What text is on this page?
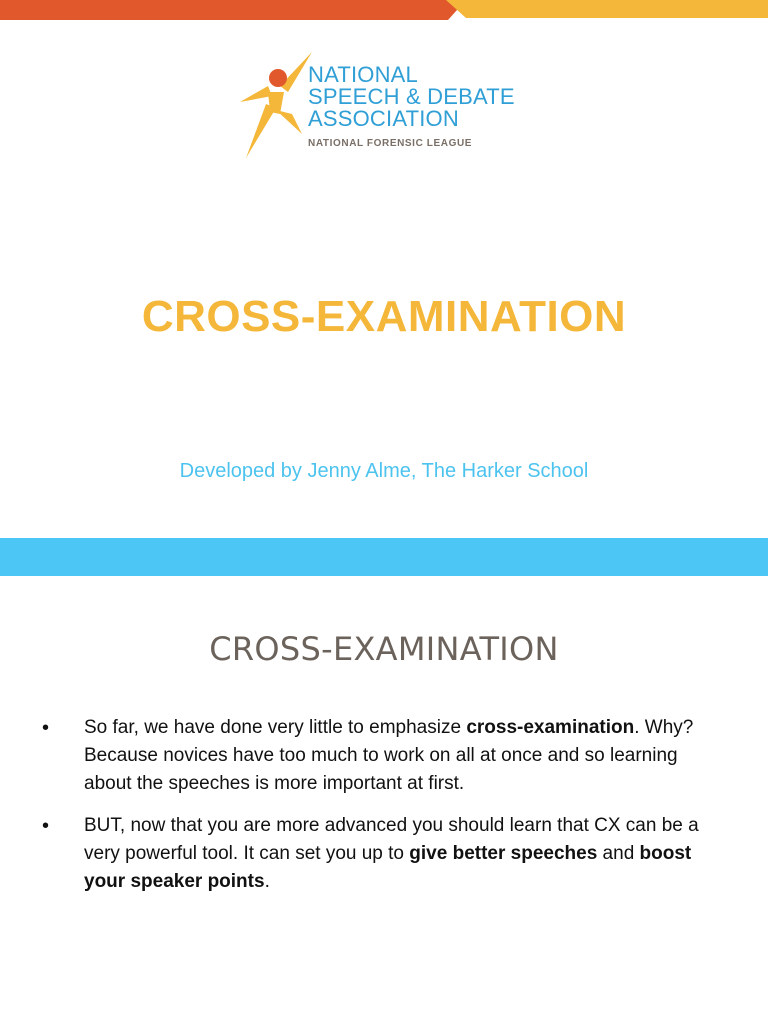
NATIONAL
SPEECH & DEBATE
ASSOCIATION
NATIONAL FORENSIC LEAGUE
CROSS-EXAMINATION
Developed by Jenny Alme, The Harker School
CROSS-EXAMINATION
• So far, we have done very little to emphasize cross-examination. Why? Because novices have too much to work on all at once and so learning about the speeches is more important at first.
• BUT, now that you are more advanced you should learn that CX can be a very powerful tool. It can set you up to give better speeches and boost your speaker points.
